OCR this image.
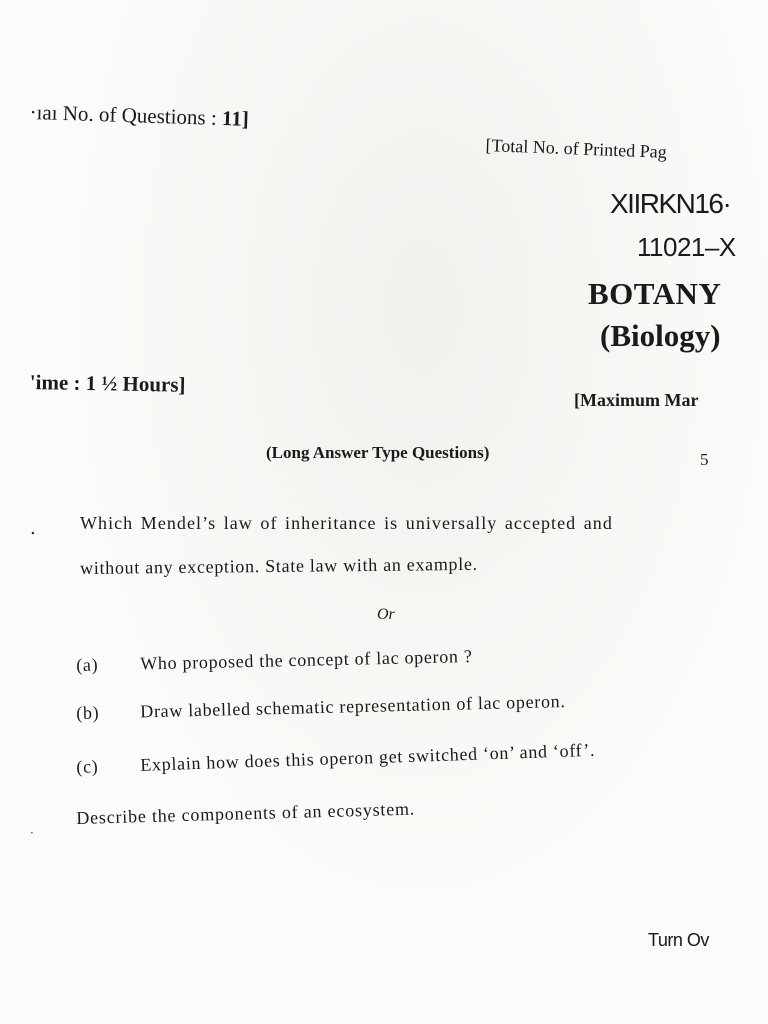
·ıaı No. of Questions : 11]
[Total No. of Printed Pag
XIIRKN16·
11021–X
BOTANY
(Biology)
'ime : 1 ½ Hours]
[Maximum Mar
(Long Answer Type Questions)	5
. Which Mendel’s law of inheritance is universally accepted and
without any exception. State law with an example.
Or
(a) Who proposed the concept of lac operon ?
(b) Draw labelled schematic representation of lac operon.
(c) Explain how does this operon get switched ‘on’ and ‘off’.
·
Describe the components of an ecosystem.
Turn Ov
